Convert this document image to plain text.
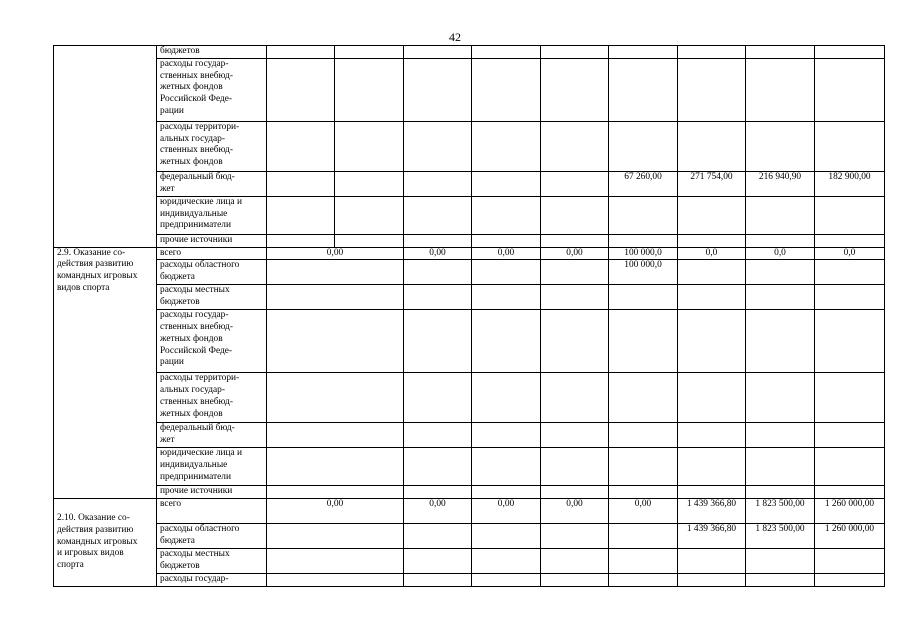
42

	бюджетов										

	расходы государ-
ственных внебюд-
жетных фондов
Российской Феде-
рации										

	расходы территори-
альных государ-
ственных внебюд-
жетных фондов										

	федеральный бюд-
жет						67 260,00	271 754,00	216 940,90	182 900,00	

	юридические лица и
индивидуальные
предприниматели										

	прочие источники										

2.9. Оказание со-
действия развитию
командных игровых
видов спорта	всего	0,00		0,00	0,00	0,00	100 000,0	0,0	0,0	0,0	

	расходы областного
бюджета						100 000,0				

	расходы местных
бюджетов										

	расходы государ-
ственных внебюд-
жетных фондов
Российской Феде-
рации										

	расходы территори-
альных государ-
ственных внебюд-
жетных фондов										

	федеральный бюд-
жет										

	юридические лица и
индивидуальные
предприниматели										

	прочие источники										

2.10. Оказание со-
действия развитию
командных игровых
и игровых видов
спорта	всего	0,00		0,00	0,00	0,00	0,00	1 439 366,80	1 823 500,00	1 260 000,00	

	расходы областного
бюджета							1 439 366,80	1 823 500,00	1 260 000,00	

	расходы местных
бюджетов										

	расходы государ-										
